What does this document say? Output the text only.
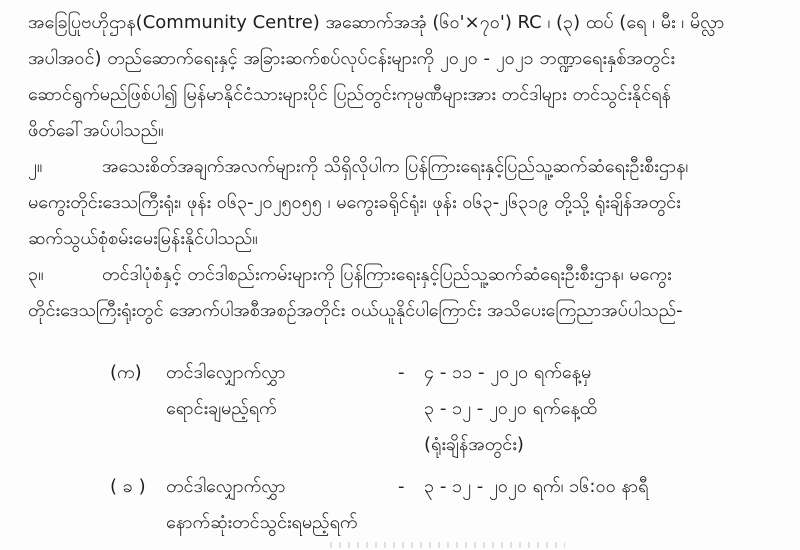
အခြေပြုဗဟိုဌာန(Community Centre) အဆောက်အအုံ (၆၀'×၇၀') RC ၊ (၃) ထပ် (ရေ ၊ မီး ၊ မိလ္လာ
အပါအဝင်) တည်ဆောက်ရေးနှင့် အခြားဆက်စပ်လုပ်ငန်းများကို ၂၀၂၀ - ၂၀၂၁ ဘဏ္ဍာရေးနှစ်အတွင်း
ဆောင်ရွက်မည်ဖြစ်ပါ၍ မြန်မာနိုင်ငံသားများပိုင် ပြည်တွင်းကုမ္ပဏီများအား တင်ဒါများ တင်သွင်းနိုင်ရန်
ဖိတ်ခေါ်အပ်ပါသည်။
၂။	အသေးစိတ်အချက်အလက်များကို သိရှိလိုပါက ပြန်ကြားရေးနှင့်ပြည်သူ့ဆက်ဆံရေးဦးစီးဌာန၊
မကွေးတိုင်းဒေသကြီးရုံး၊ ဖုန်း ၀၆၃-၂၀၂၅၀၅၅ ၊ မကွေးခရိုင်ရုံး၊ ဖုန်း ၀၆၃-၂၆၃၁၉ တို့သို့ ရုံးချိန်အတွင်း
ဆက်သွယ်စုံစမ်းမေးမြန်းနိုင်ပါသည်။
၃။	တင်ဒါပုံစံနှင့် တင်ဒါစည်းကမ်းများကို ပြန်ကြားရေးနှင့်ပြည်သူ့ဆက်ဆံရေးဦးစီးဌာန၊ မကွေး
တိုင်းဒေသကြီးရုံးတွင် အောက်ပါအစီအစဉ်အတိုင်း ဝယ်ယူနိုင်ပါကြောင်း အသိပေးကြေညာအပ်ပါသည်-
(က)	တင်ဒါလျှောက်လွှာ
ရောင်းချမည့်ရက်
-	၄ - ၁၁ - ၂၀၂၀ ရက်နေ့မှ
၃ - ၁၂ - ၂၀၂၀ ရက်နေ့ထိ
(ရုံးချိန်အတွင်း)
( ခ )	တင်ဒါလျှောက်လွှာ
နောက်ဆုံးတင်သွင်းရမည့်ရက်
-	၃ - ၁၂ - ၂၀၂၀ ရက်၊ ၁၆:၀၀ နာရီ
